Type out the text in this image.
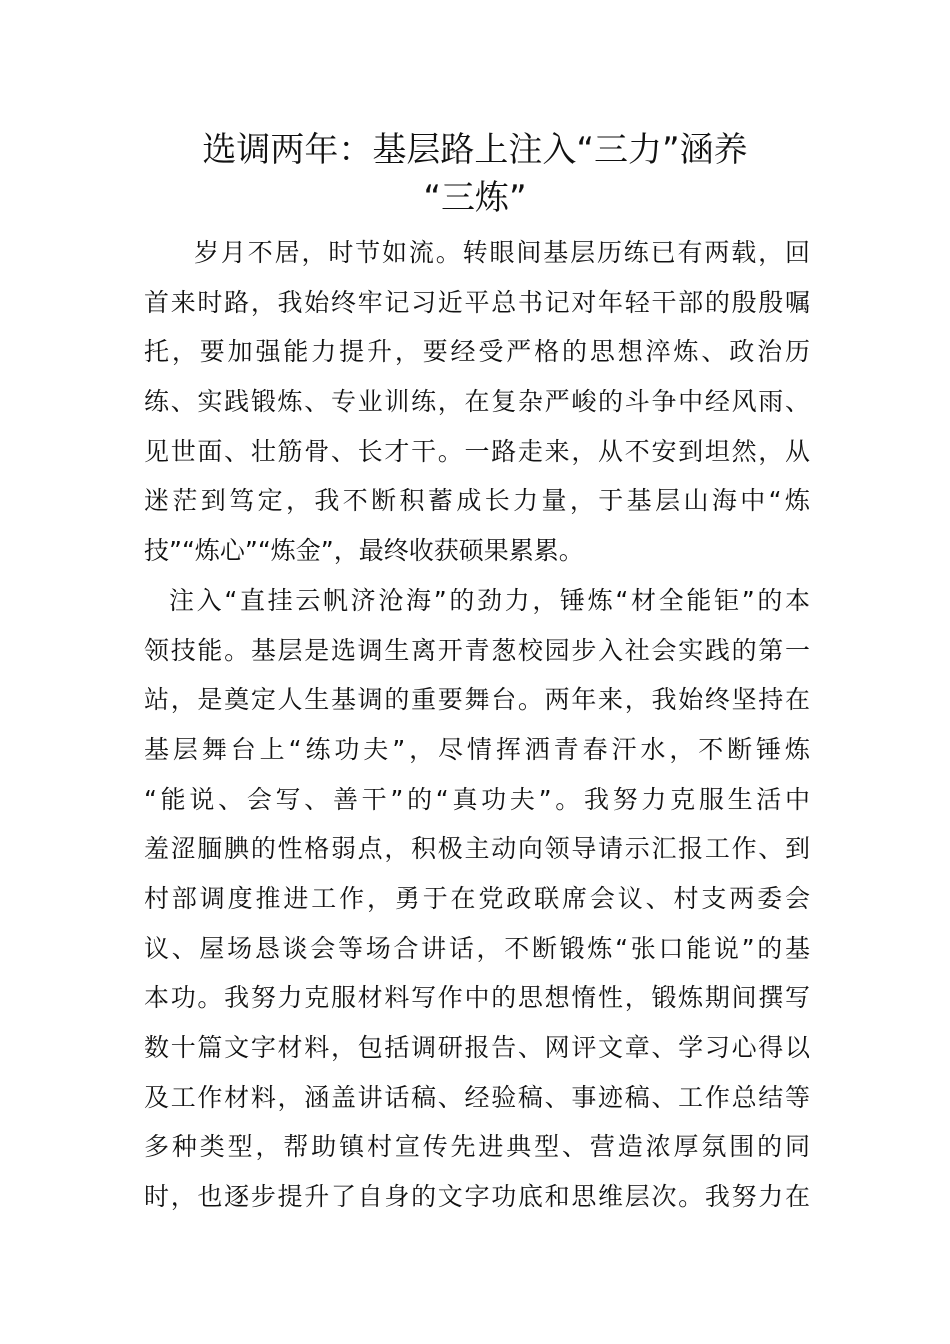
选调两年：基层路上注入“三力”涵养
“三炼”
岁月不居，时节如流。转眼间基层历练已有两载，回
首来时路，我始终牢记习近平总书记对年轻干部的殷殷嘱
托，要加强能力提升，要经受严格的思想淬炼、政治历
练、实践锻炼、专业训练，在复杂严峻的斗争中经风雨、
见世面、壮筋骨、长才干。一路走来，从不安到坦然，从
迷茫到笃定，我不断积蓄成长力量，于基层山海中“炼
技”“炼心”“炼金”，最终收获硕果累累。
注入“直挂云帆济沧海”的劲力，锤炼“材全能钜”的本
领技能。基层是选调生离开青葱校园步入社会实践的第一
站，是奠定人生基调的重要舞台。两年来，我始终坚持在
基层舞台上“练功夫”，尽情挥洒青春汗水，不断锤炼
“能说、会写、善干”的“真功夫”。我努力克服生活中
羞涩腼腆的性格弱点，积极主动向领导请示汇报工作、到
村部调度推进工作，勇于在党政联席会议、村支两委会
议、屋场恳谈会等场合讲话，不断锻炼“张口能说”的基
本功。我努力克服材料写作中的思想惰性，锻炼期间撰写
数十篇文字材料，包括调研报告、网评文章、学习心得以
及工作材料，涵盖讲话稿、经验稿、事迹稿、工作总结等
多种类型，帮助镇村宣传先进典型、营造浓厚氛围的同
时，也逐步提升了自身的文字功底和思维层次。我努力在
